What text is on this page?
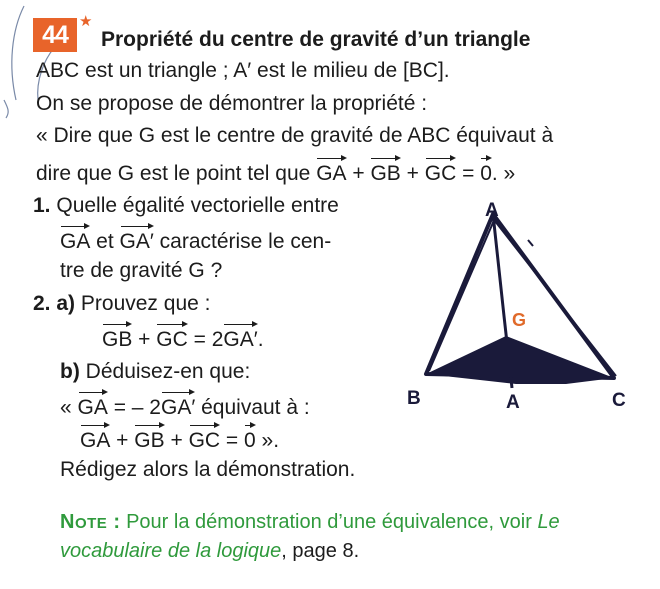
44 ★
Propriété du centre de gravité d’un triangle
ABC est un triangle ; A′ est le milieu de [BC].
On se propose de démontrer la propriété :
« Dire que G est le centre de gravité de ABC équivaut à
dire que G est le point tel que GA + GB + GC = 0. »
1. Quelle égalité vectorielle entre
GA et GA′ caractérise le cen-
tre de gravité G ?
2. a) Prouvez que :
GB + GC = 2GA′.
b) Déduisez-en que:
« GA = – 2GA′ équivaut à :
GA + GB + GC = 0 ».
Rédigez alors la démonstration.
NOTE : Pour la démonstration d’une équivalence, voir Le
vocabulaire de la logique, page 8.
A
B	C
A
G
